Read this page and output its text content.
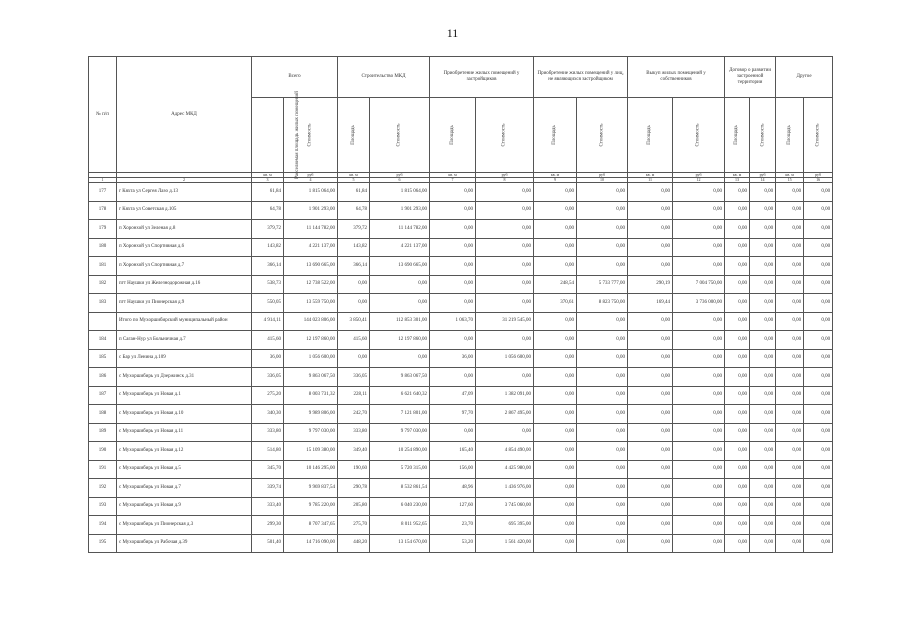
11
№ п/п	Адрес МКД	Всего		Строительство МКД		Приобретение жилых помещений у застройщиков		Приобретение жилых помещений у лиц, не являющихся застройщиком		Выкуп жилых помещений у собственников		Договор о развитии застроенной территории		Другое	
		Расселяемая площадь жилых помещений	Стоимость	Площадь	Стоимость	Площадь	Стоимость	Площадь	Стоимость	Площадь	Стоимость	Площадь	Стоимость	Площадь	Стоимость
		кв. м	руб	кв. м	руб	кв. м	руб	кв. м	руб	кв. м	руб	кв. м	руб	кв. м	руб
1	2	3	4	5	6	7	8	9	10	11	12	13	14	15	16
177	г Кяхта ул Сергея Лазо д.13	61,84	1 815 064,00	61,84	1 815 064,00	0,00	0,00	0,00	0,00	0,00	0,00	0,00	0,00	0,00	0,00
178	г Кяхта ул Советская д.105	64,78	1 901 293,00	64,78	1 901 293,00	0,00	0,00	0,00	0,00	0,00	0,00	0,00	0,00	0,00	0,00
179	п Хоронхой ул Зеленая д.8	379,72	11 144 782,00	379,72	11 144 782,00	0,00	0,00	0,00	0,00	0,00	0,00	0,00	0,00	0,00	0,00
180	п Хоронхой ул Спортивная д.6	143,82	4 221 137,00	143,82	4 221 137,00	0,00	0,00	0,00	0,00	0,00	0,00	0,00	0,00	0,00	0,00
181	п Хоронхой ул Спортивная д.7	366,14	13 690 665,00	366,14	13 690 665,00	0,00	0,00	0,00	0,00	0,00	0,00	0,00	0,00	0,00	0,00
182	пгт Наушки ул Железнодорожная д.16	538,73	12 738 522,00	0,00	0,00	0,00	0,00	248,54	5 733 777,00	290,19	7 004 750,00	0,00	0,00	0,00	0,00
183	пгт Наушки ул Пионерская д.9	550,05	13 559 750,00	0,00	0,00	0,00	0,00	370,61	8 823 750,00	169,44	3 736 000,00	0,00	0,00	0,00	0,00
	Итого по Мухоршибирский муниципальный район	4 914,11	144 023 806,00	3 850,41	112 853 301,00	1 063,70	31 219 545,00	0,00	0,00	0,00	0,00	0,00	0,00	0,00	0,00
184	п Саган-Нур ул Больничная д.7	415,60	12 197 860,00	415,60	12 197 860,00	0,00	0,00	0,00	0,00	0,00	0,00	0,00	0,00	0,00	0,00
185	с Бар ул Ленина д.109	36,00	1 056 600,00	0,00	0,00	36,00	1 056 600,00	0,00	0,00	0,00	0,00	0,00	0,00	0,00	0,00
186	с Мухоршибирь ул Дзержинск д.31	336,05	9 863 067,50	336,05	9 863 067,50	0,00	0,00	0,00	0,00	0,00	0,00	0,00	0,00	0,00	0,00
187	с Мухоршибирь ул Новая д.1	275,20	8 003 731,32	228,11	6 621 640,32	47,09	1 382 091,00	0,00	0,00	0,00	0,00	0,00	0,00	0,00	0,00
188	с Мухоршибирь ул Новая д.10	340,30	9 989 806,00	242,70	7 121 801,00	97,70	2 867 495,00	0,00	0,00	0,00	0,00	0,00	0,00	0,00	0,00
189	с Мухоршибирь ул Новая д.11	333,80	9 797 030,00	333,80	9 797 030,00	0,00	0,00	0,00	0,00	0,00	0,00	0,00	0,00	0,00	0,00
190	с Мухоршибирь ул Новая д.12	514,80	15 109 380,00	349,40	10 254 890,00	165,40	4 854 490,00	0,00	0,00	0,00	0,00	0,00	0,00	0,00	0,00
191	с Мухоршибирь ул Новая д.5	345,70	10 146 295,00	190,60	5 720 315,00	156,00	4 425 980,00	0,00	0,00	0,00	0,00	0,00	0,00	0,00	0,00
192	с Мухоршибирь ул Новая д.7	339,74	9 969 837,54	290,78	8 532 861,54	48,96	1 436 976,00	0,00	0,00	0,00	0,00	0,00	0,00	0,00	0,00
193	с Мухоршибирь ул Новая д.9	333,40	9 785 220,00	205,80	6 040 230,00	127,60	3 745 060,00	0,00	0,00	0,00	0,00	0,00	0,00	0,00	0,00
194	с Мухоршибирь ул Пионерская д.3	299,30	8 707 347,65	275,70	8 011 952,65	23,70	695 395,00	0,00	0,00	0,00	0,00	0,00	0,00	0,00	0,00
195	с Мухоршибирь ул Рабочая д.39	501,40	14 716 090,00	448,20	13 154 670,00	53,20	1 561 420,00	0,00	0,00	0,00	0,00	0,00	0,00	0,00	0,00
